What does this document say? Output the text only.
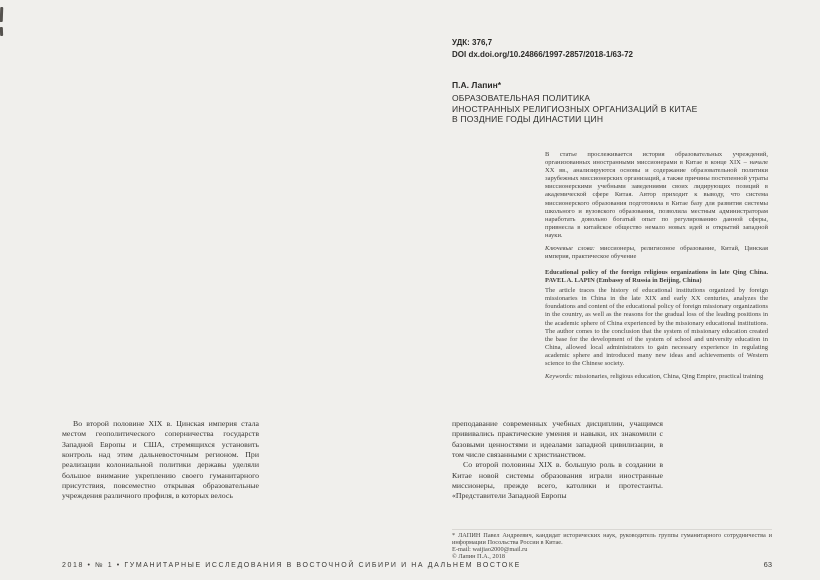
УДК: 376,7
DOI dx.doi.org/10.24866/1997-2857/2018-1/63-72
П.А. Лапин*
ОБРАЗОВАТЕЛЬНАЯ ПОЛИТИКА
ИНОСТРАННЫХ РЕЛИГИОЗНЫХ ОРГАНИЗАЦИЙ В КИТАЕ
В ПОЗДНИЕ ГОДЫ ДИНАСТИИ ЦИН

В статье прослеживается история образовательных учреждений, организованных иностранными миссионерами в Китае в конце XIX – начале XX вв., анализируются основы и содержание образовательной политики зарубежных миссионерских организаций, а также причины постепенной утраты миссионерскими учебными заведениями своих лидирующих позиций в академической сфере Китая. Автор приходит к выводу, что система миссионерского образования подготовила в Китае базу для развития системы школьного и вузовского образования, позволила местным администраторам наработать довольно богатый опыт по регулированию данной сферы, привнесла в китайское общество немало новых идей и открытий западной науки.

Ключевые слова: миссионеры, религиозное образование, Китай, Цинская империя, практическое обучение

Educational policy of the foreign religious organizations in late Qing China. PAVEL A. LAPIN (Embassy of Russia in Beijing, China)

The article traces the history of educational institutions organized by foreign missionaries in China in the late XIX and early XX centuries, analyzes the foundations and content of the educational policy of foreign missionary organizations in the country, as well as the reasons for the gradual loss of the leading positions in the academic sphere of China experienced by the missionary educational institutions. The author comes to the conclusion that the system of missionary education created the base for the development of the system of school and university education in China, allowed local administrators to gain necessary experience in regulating academic sphere and introduced many new ideas and achievements of Western science to the Chinese society.

Keywords: missionaries, religious education, China, Qing Empire, practical training

Во второй половине XIX в. Цинская империя стала местом геополитического соперничества государств Западной Европы и США, стремящихся установить контроль над этим дальневосточным регионом. При реализации колониальной политики державы уделяли большое внимание укреплению своего гуманитарного присутствия, повсеместно открывая образовательные учреждения различного профиля, в которых велось

преподавание современных учебных дисциплин, учащимся прививались практические умения и навыки, их знакомили с базовыми ценностями и идеалами западной цивилизации, в том числе связанными с христианством.

Со второй половины XIX в. большую роль в создании в Китае новой системы образования играли иностранные миссионеры, прежде всего, католики и протестанты. «Представители Западной Европы

* ЛАПИН Павел Андреевич, кандидат исторических наук, руководитель группы гуманитарного сотрудничества и информации Посольства России в Китае.

E-mail: waijiao2000@mail.ru

© Лапин П.А., 2018

2018 • № 1 • ГУМАНИТАРНЫЕ ИССЛЕДОВАНИЯ В ВОСТОЧНОЙ СИБИРИ И НА ДАЛЬНЕМ ВОСТОКЕ	63
